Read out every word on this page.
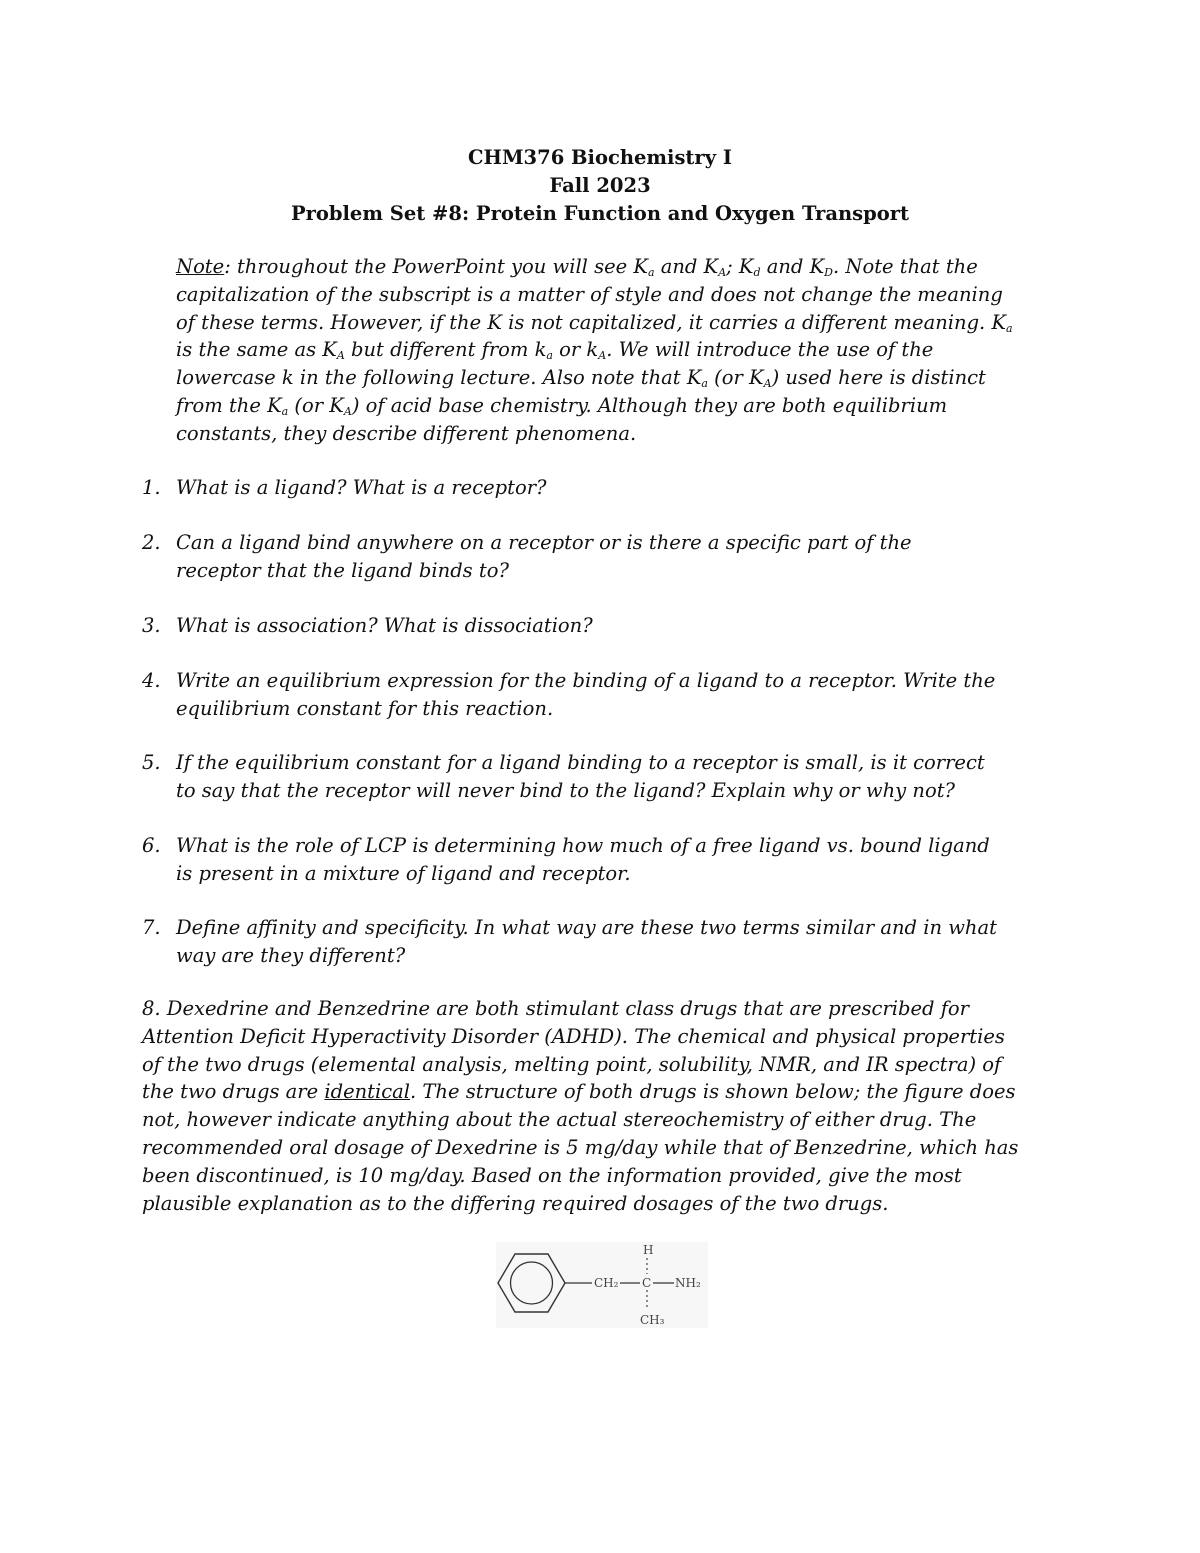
CHM376 Biochemistry I
Fall 2023
Problem Set #8: Protein Function and Oxygen Transport
Note: throughout the PowerPoint you will see $K_a$ and $K_A$; $K_d$ and $K_D$. Note that the capitalization of the subscript is a matter of style and does not change the meaning of these terms. However, if the K is not capitalized, it carries a different meaning. $K_a$ is the same as $K_A$ but different from $k_a$ or $k_A$. We will introduce the use of the lowercase k in the following lecture. Also note that $K_a$ (or $K_A$) used here is distinct from the $K_a$ (or $K_A$) of acid base chemistry. Although they are both equilibrium constants, they describe different phenomena.
1. What is a ligand? What is a receptor?
2. Can a ligand bind anywhere on a receptor or is there a specific part of the receptor that the ligand binds to?
3. What is association? What is dissociation?
4. Write an equilibrium expression for the binding of a ligand to a receptor. Write the equilibrium constant for this reaction.
5. If the equilibrium constant for a ligand binding to a receptor is small, is it correct to say that the receptor will never bind to the ligand? Explain why or why not?
6. What is the role of LCP is determining how much of a free ligand vs. bound ligand is present in a mixture of ligand and receptor.
7. Define affinity and specificity. In what way are these two terms similar and in what way are they different?
8. Dexedrine and Benzedrine are both stimulant class drugs that are prescribed for Attention Deficit Hyperactivity Disorder (ADHD). The chemical and physical properties of the two drugs (elemental analysis, melting point, solubility, NMR, and IR spectra) of the two drugs are identical. The structure of both drugs is shown below; the figure does not, however indicate anything about the actual stereochemistry of either drug. The recommended oral dosage of Dexedrine is 5 mg/day while that of Benzedrine, which has been discontinued, is 10 mg/day. Based on the information provided, give the most plausible explanation as to the differing required dosages of the two drugs.
CH₂ C NH₂
H
CH₃
